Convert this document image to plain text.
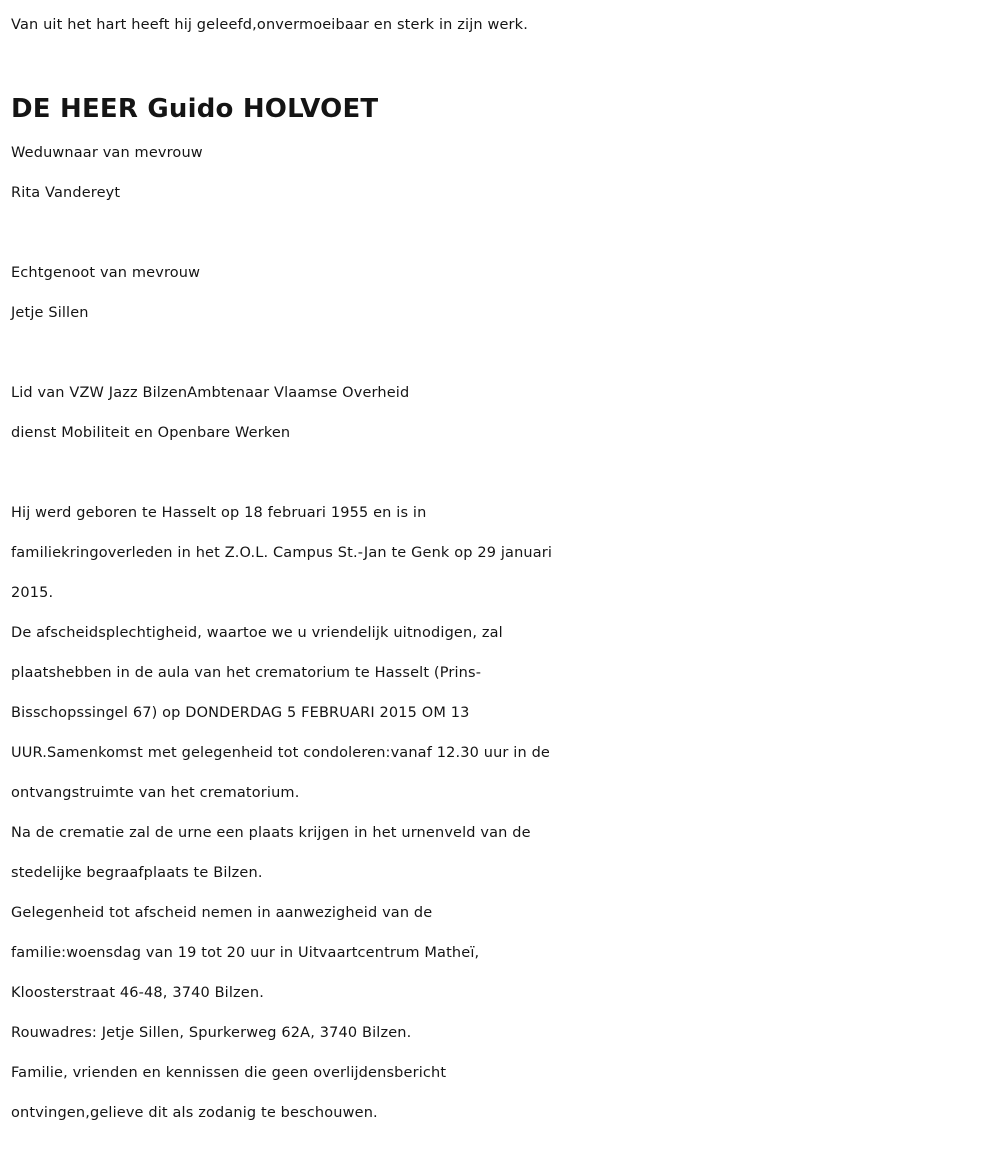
Van uit het hart heeft hij geleefd,onvermoeibaar en sterk in zijn werk.
DE HEER Guido HOLVOET
Weduwnaar van mevrouw
Rita Vandereyt
Echtgenoot van mevrouw
Jetje Sillen
Lid van VZW Jazz BilzenAmbtenaar Vlaamse Overheid
dienst Mobiliteit en Openbare Werken
Hij werd geboren te Hasselt op 18 februari 1955 en is in
familiekringoverleden in het Z.O.L. Campus St.-Jan te Genk op 29 januari
2015.
De afscheidsplechtigheid, waartoe we u vriendelijk uitnodigen, zal
plaatshebben in de aula van het crematorium te Hasselt (Prins-
Bisschopssingel 67) op DONDERDAG 5 FEBRUARI 2015 OM 13
UUR.Samenkomst met gelegenheid tot condoleren:vanaf 12.30 uur in de
ontvangstruimte van het crematorium.
Na de crematie zal de urne een plaats krijgen in het urnenveld van de
stedelijke begraafplaats te Bilzen.
Gelegenheid tot afscheid nemen in aanwezigheid van de
familie:woensdag van 19 tot 20 uur in Uitvaartcentrum Matheï,
Kloosterstraat 46-48, 3740 Bilzen.
Rouwadres: Jetje Sillen, Spurkerweg 62A, 3740 Bilzen.
Familie, vrienden en kennissen die geen overlijdensbericht
ontvingen,gelieve dit als zodanig te beschouwen.
